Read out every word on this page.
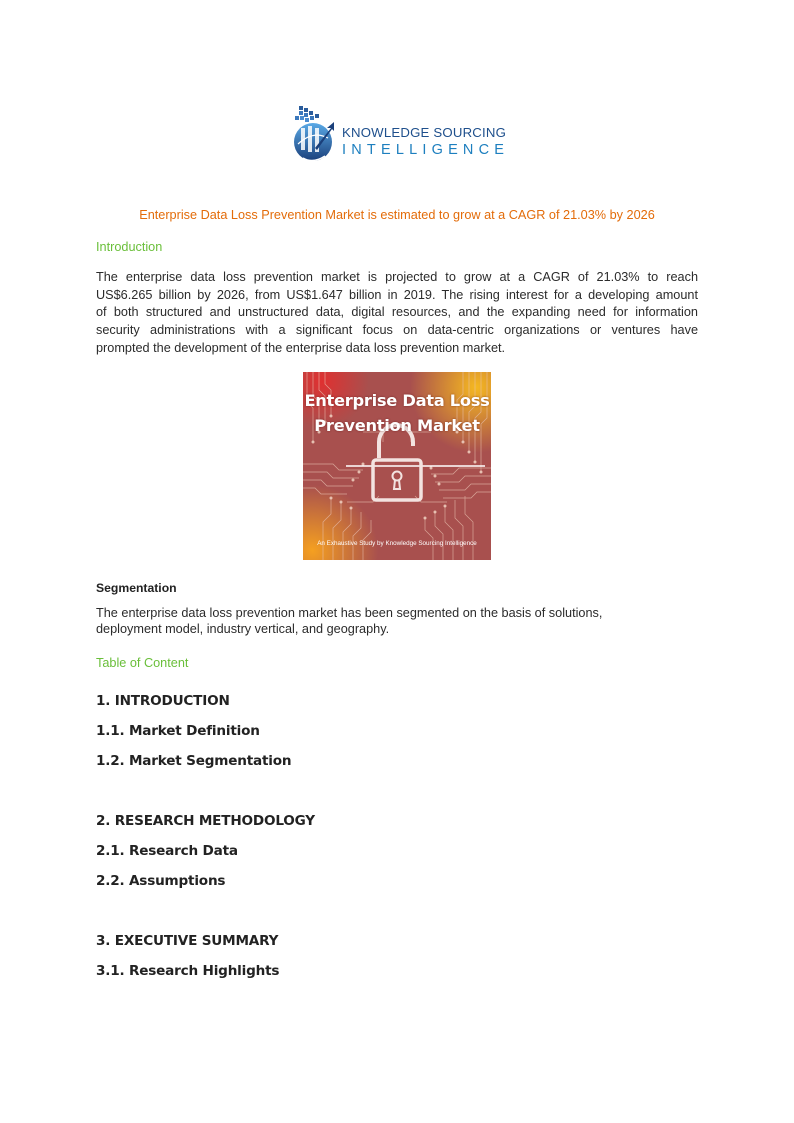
KNOWLEDGE SOURCING
INTELLIGENCE
Enterprise Data Loss Prevention Market is estimated to grow at a CAGR of 21.03% by 2026
Introduction
The enterprise data loss prevention market is projected to grow at a CAGR of 21.03% to reach
US$6.265 billion by 2026, from US$1.647 billion in 2019. The rising interest for a developing amount
of both structured and unstructured data, digital resources, and the expanding need for information
security administrations with a significant focus on data-centric organizations or ventures have
prompted the development of the enterprise data loss prevention market.
Enterprise Data Loss
Prevention Market
An Exhaustive Study by Knowledge Sourcing Intelligence
Segmentation
The enterprise data loss prevention market has been segmented on the basis of solutions,
deployment model, industry vertical, and geography.
Table of Content
1. INTRODUCTION
1.1. Market Definition
1.2. Market Segmentation
2. RESEARCH METHODOLOGY
2.1. Research Data
2.2. Assumptions
3. EXECUTIVE SUMMARY
3.1. Research Highlights
